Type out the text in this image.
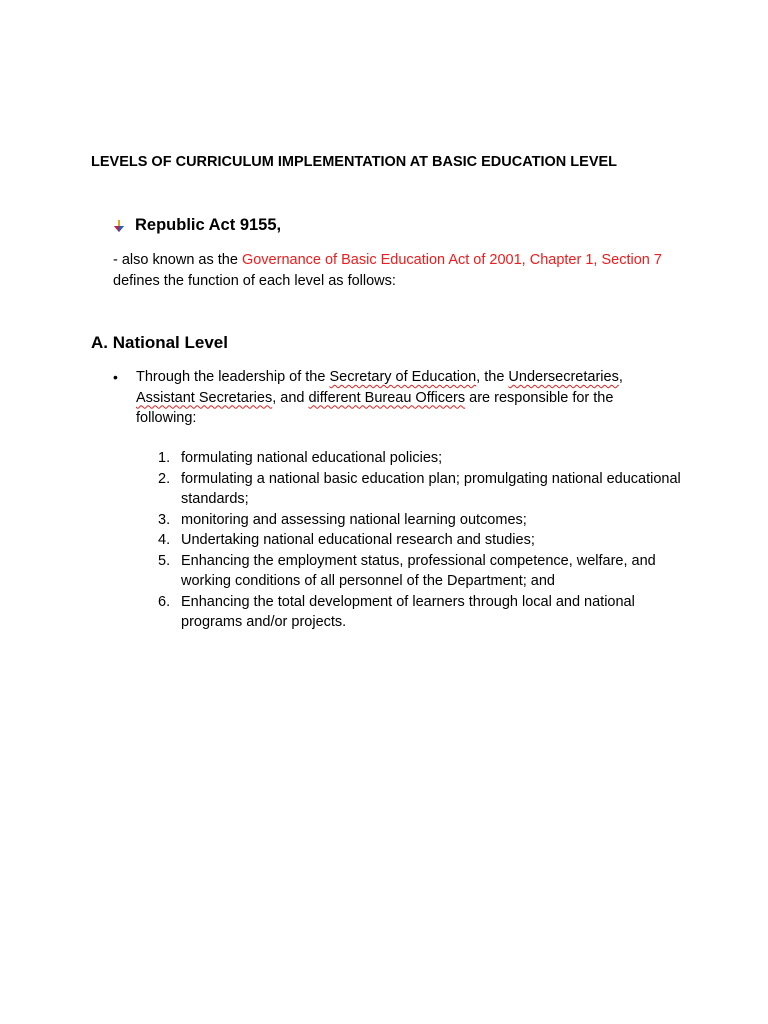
LEVELS OF CURRICULUM IMPLEMENTATION AT BASIC EDUCATION LEVEL
Republic Act 9155,
- also known as the Governance of Basic Education Act of 2001, Chapter 1, Section 7 defines the function of each level as follows:
A. National Level
• Through the leadership of the Secretary of Education, the Undersecretaries, Assistant Secretaries, and different Bureau Officers are responsible for the following:
1. formulating national educational policies;
2. formulating a national basic education plan; promulgating national educational standards;
3. monitoring and assessing national learning outcomes;
4. Undertaking national educational research and studies;
5. Enhancing the employment status, professional competence, welfare, and working conditions of all personnel of the Department; and
6. Enhancing the total development of learners through local and national programs and/or projects.
